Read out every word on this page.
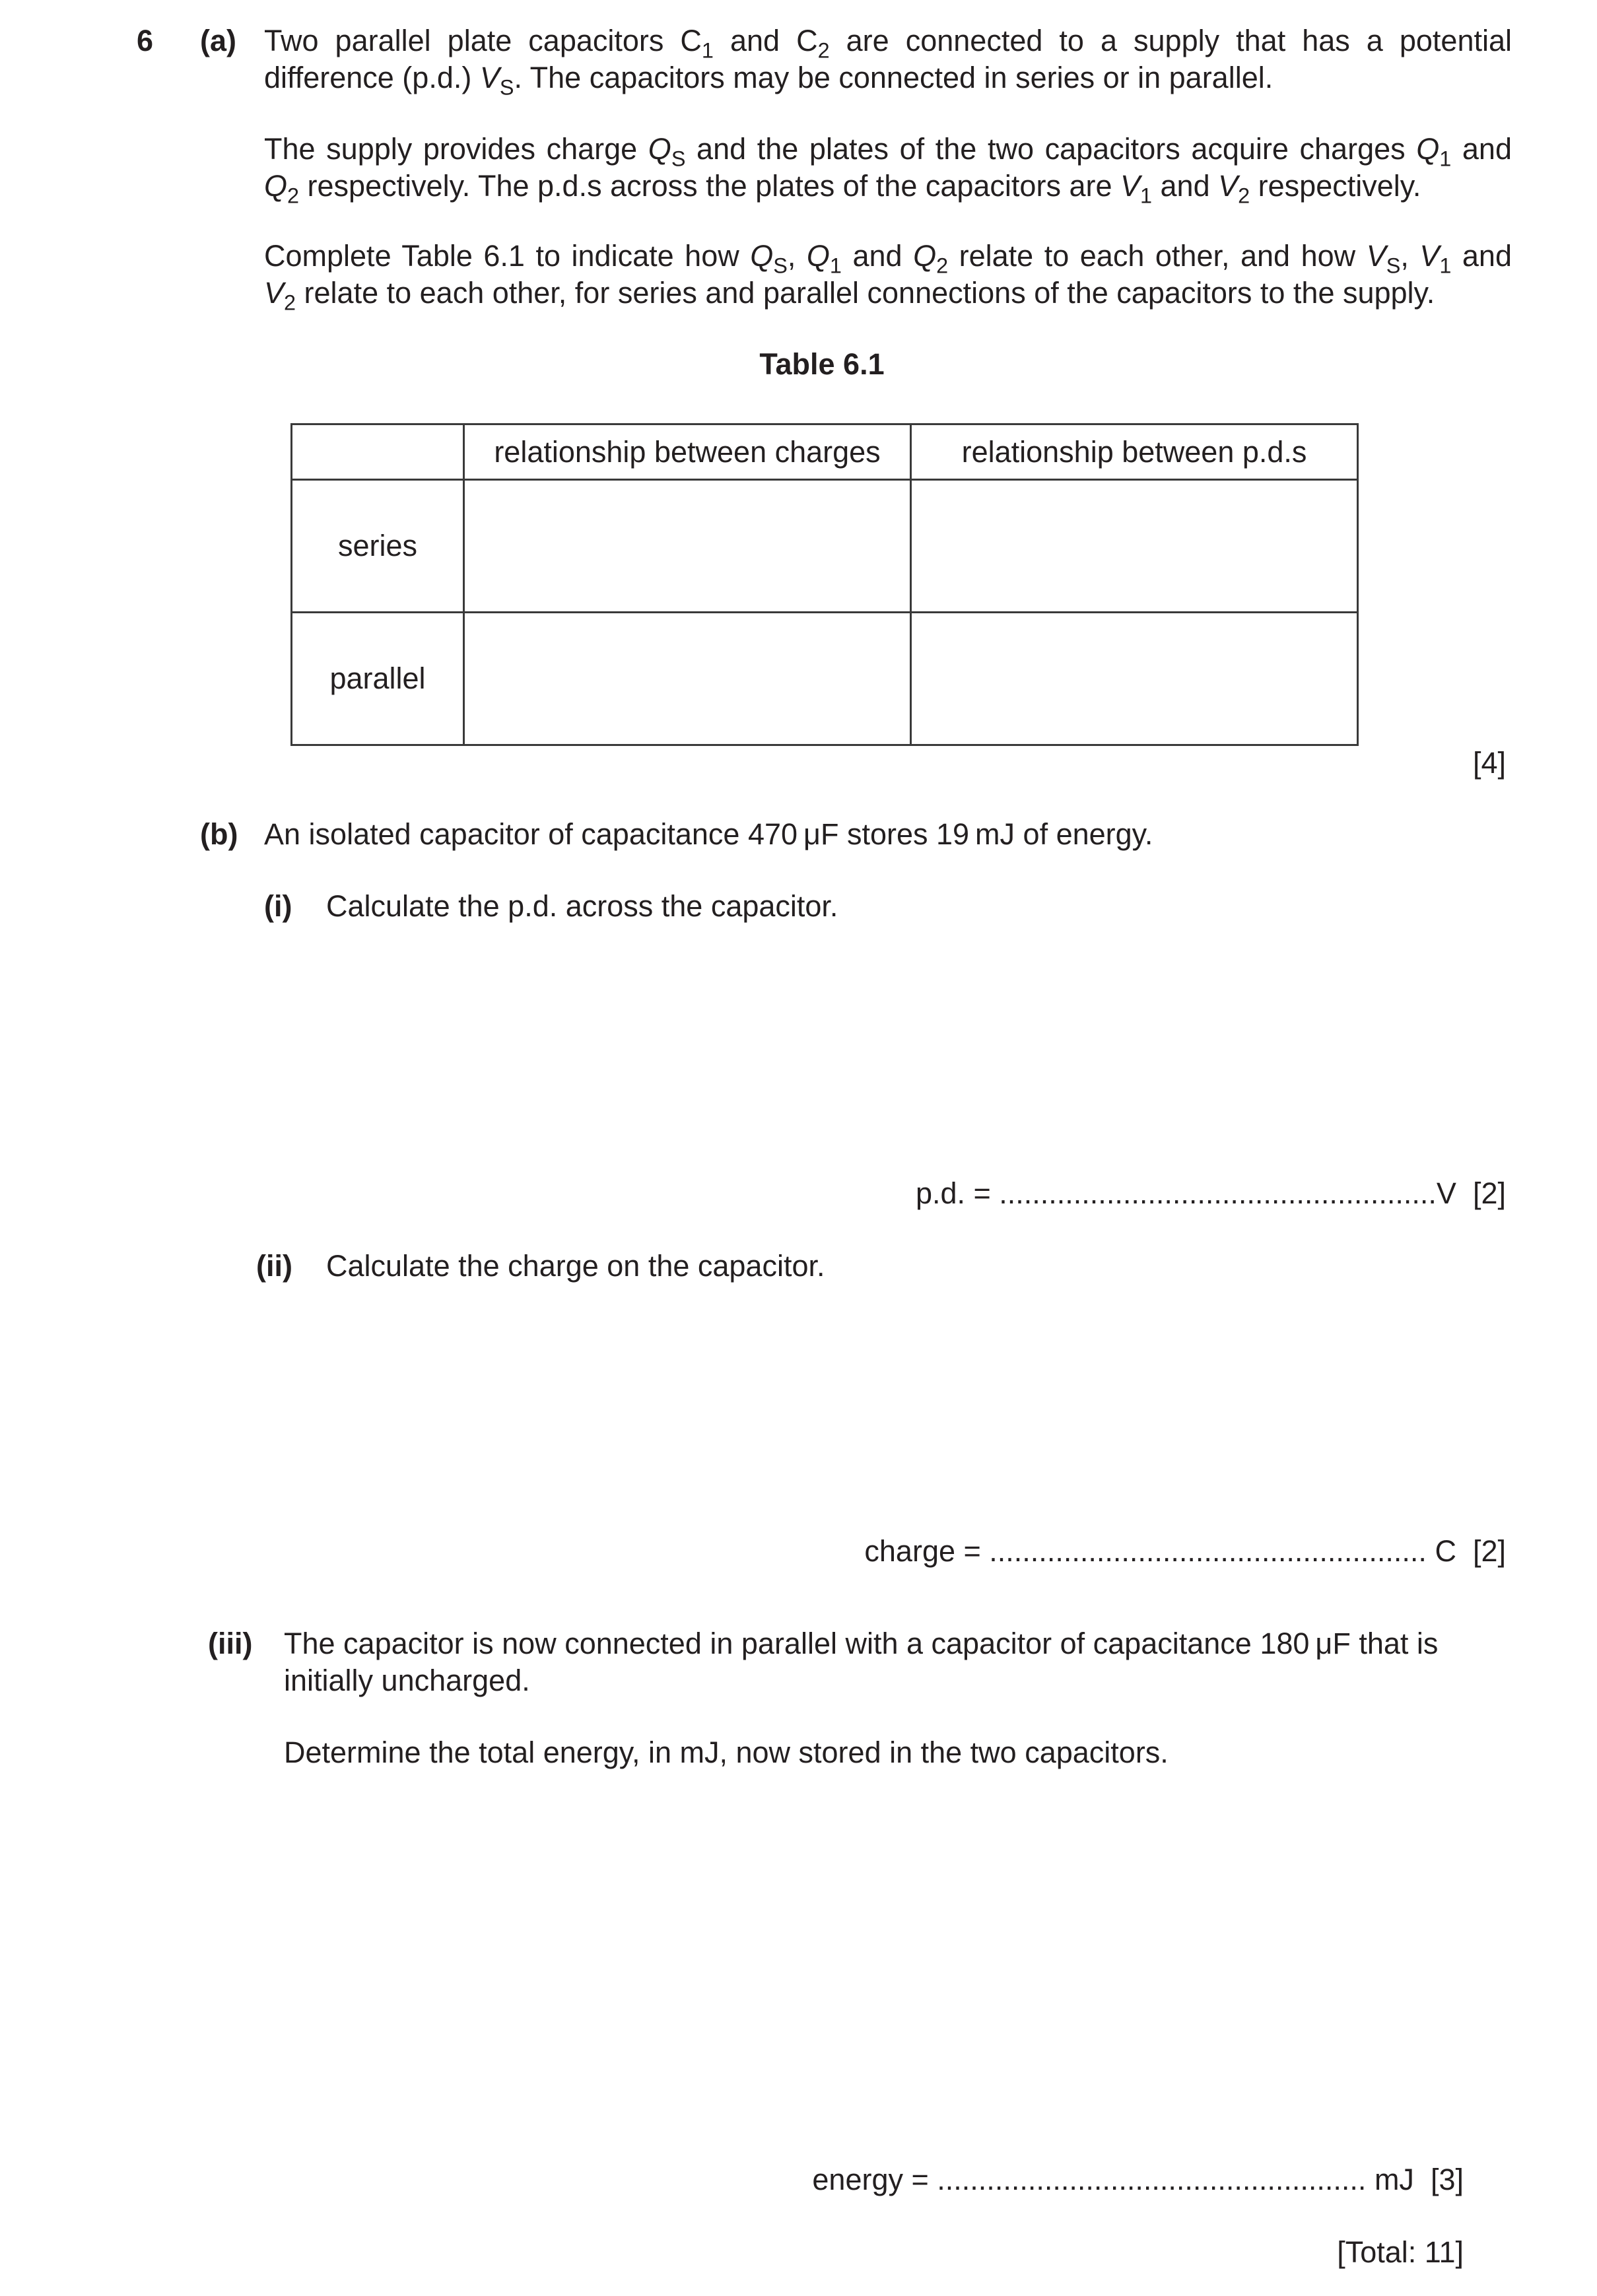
6 (a) Two parallel plate capacitors $C_1$ and $C_2$ are connected to a supply that has a potential
difference (p.d.) $V_S$. The capacitors may be connected in series or in parallel.
The supply provides charge $Q_S$ and the plates of the two capacitors acquire charges $Q_1$ and
$Q_2$ respectively. The p.d.s across the plates of the capacitors are $V_1$ and $V_2$ respectively.
Complete Table 6.1 to indicate how $Q_S$, $Q_1$ and $Q_2$ relate to each other, and how $V_S$, $V_1$ and
$V_2$ relate to each other, for series and parallel connections of the capacitors to the supply.
Table 6.1
	relationship between charges	relationship between p.d.s
series		
parallel		
[4]
(b) An isolated capacitor of capacitance 470 μF stores 19 mJ of energy.
(i) Calculate the p.d. across the capacitor.
p.d. = .....................................................V [2]
(ii) Calculate the charge on the capacitor.
charge = ..................................................... C [2]
(iii) The capacitor is now connected in parallel with a capacitor of capacitance 180 μF that is
initially uncharged.
Determine the total energy, in mJ, now stored in the two capacitors.
energy = .................................................... mJ [3]
[Total: 11]
